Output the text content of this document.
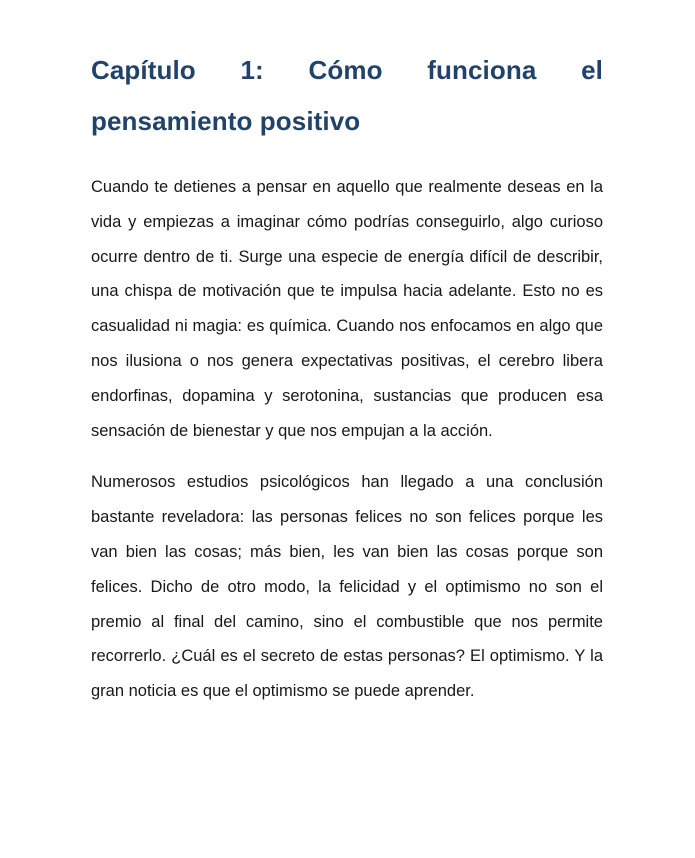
Capítulo 1: Cómo funciona el
pensamiento positivo

Cuando te detienes a pensar en aquello que realmente deseas en la vida y empiezas a imaginar cómo podrías conseguirlo, algo curioso ocurre dentro de ti. Surge una especie de energía difícil de describir, una chispa de motivación que te impulsa hacia adelante. Esto no es casualidad ni magia: es química. Cuando nos enfocamos en algo que nos ilusiona o nos genera expectativas positivas, el cerebro libera endorfinas, dopamina y serotonina, sustancias que producen esa sensación de bienestar y que nos empujan a la acción.

Numerosos estudios psicológicos han llegado a una conclusión bastante reveladora: las personas felices no son felices porque les van bien las cosas; más bien, les van bien las cosas porque son felices. Dicho de otro modo, la felicidad y el optimismo no son el premio al final del camino, sino el combustible que nos permite recorrerlo. ¿Cuál es el secreto de estas personas? El optimismo. Y la gran noticia es que el optimismo se puede aprender.
